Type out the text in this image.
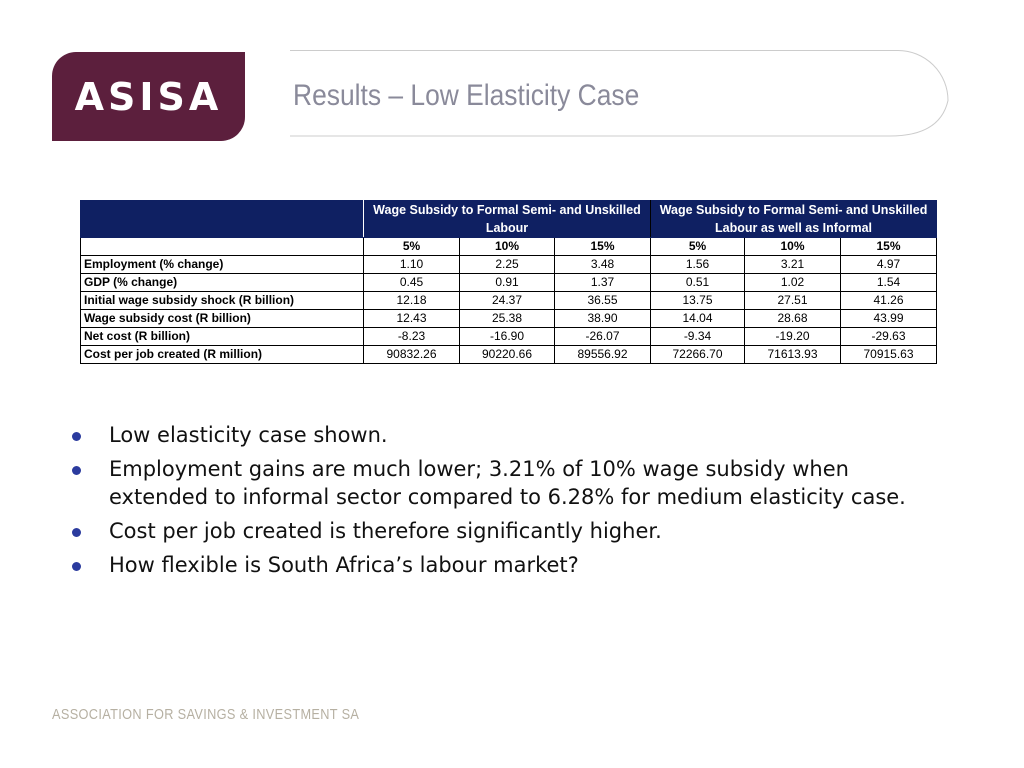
ASISA Results – Low Elasticity Case
	Wage Subsidy to Formal Semi- and Unskilled Labour			Wage Subsidy to Formal Semi- and Unskilled Labour as well as Informal		
	5%	10%	15%	5%	10%	15%
Employment (% change)	1.10	2.25	3.48	1.56	3.21	4.97
GDP (% change)	0.45	0.91	1.37	0.51	1.02	1.54
Initial wage subsidy shock (R billion)	12.18	24.37	36.55	13.75	27.51	41.26
Wage subsidy cost (R billion)	12.43	25.38	38.90	14.04	28.68	43.99
Net cost (R billion)	-8.23	-16.90	-26.07	-9.34	-19.20	-29.63
Cost per job created (R million)	90832.26	90220.66	89556.92	72266.70	71613.93	70915.63
Low elasticity case shown.
Employment gains are much lower; 3.21% of 10% wage subsidy when extended to informal sector compared to 6.28% for medium elasticity case.
Cost per job created is therefore significantly higher.
How flexible is South Africa’s labour market?
ASSOCIATION FOR SAVINGS & INVESTMENT SA
